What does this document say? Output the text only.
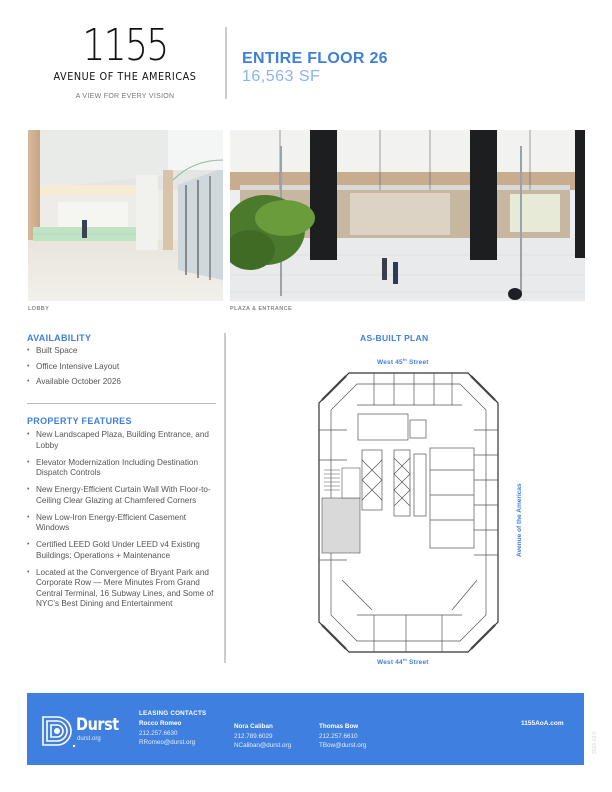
1155
AVENUE OF THE AMERICAS
A VIEW FOR EVERY VISION
ENTIRE FLOOR 26
16,563 SF
LOBBY	PLAZA & ENTRANCE
AVAILABILITY
• Built Space
• Office Intensive Layout
• Available October 2026
PROPERTY FEATURES
• New Landscaped Plaza, Building Entrance, and Lobby
• Elevator Modernization Including Destination Dispatch Controls
• New Energy-Efficient Curtain Wall With Floor-to-Ceiling Clear Glazing at Chamfered Corners
• New Low-Iron Energy-Efficient Casement Windows
• Certified LEED Gold Under LEED v4 Existing Buildings: Operations + Maintenance
• Located at the Convergence of Bryant Park and Corporate Row — Mere Minutes From Grand Central Terminal, 16 Subway Lines, and Some of NYC’s Best Dining and Entertainment
AS-BUILT PLAN
West 45th Street
West 44th Street
Avenue of the Americas
Durst
durst.org
LEASING CONTACTS
Rocco Romeo
212.257.6630
RRomeo@durst.org
Nora Caliban
212.789.6029
NCaliban@durst.org
Thomas Bow
212.257.6610
TBow@durst.org
1155AoA.com
2026-02-5
